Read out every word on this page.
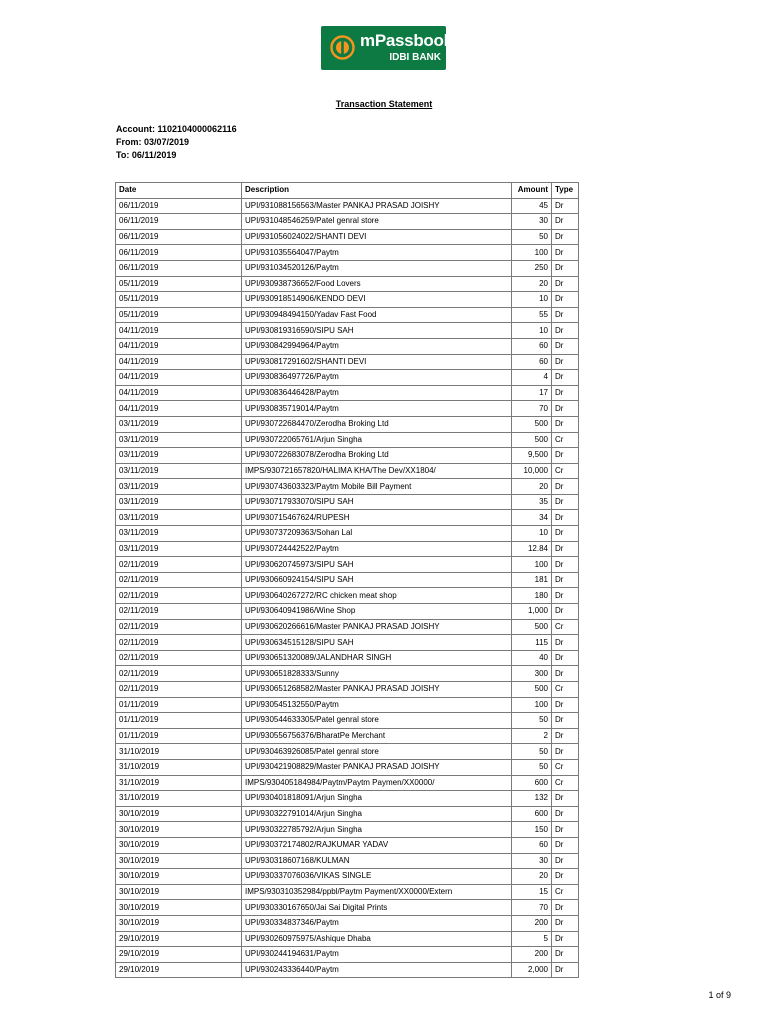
mPassbook
IDBI BANK
Transaction Statement
Account: 1102104000062116
From: 03/07/2019
To: 06/11/2019
Date	Description	Amount	Type
06/11/2019	UPI/931088156563/Master PANKAJ PRASAD JOISHY	45	Dr
06/11/2019	UPI/931048546259/Patel genral store	30	Dr
06/11/2019	UPI/931056024022/SHANTI DEVI	50	Dr
06/11/2019	UPI/931035564047/Paytm	100	Dr
06/11/2019	UPI/931034520126/Paytm	250	Dr
05/11/2019	UPI/930938736652/Food Lovers	20	Dr
05/11/2019	UPI/930918514906/KENDO DEVI	10	Dr
05/11/2019	UPI/930948494150/Yadav Fast Food	55	Dr
04/11/2019	UPI/930819316590/SIPU SAH	10	Dr
04/11/2019	UPI/930842994964/Paytm	60	Dr
04/11/2019	UPI/930817291602/SHANTI DEVI	60	Dr
04/11/2019	UPI/930836497726/Paytm	4	Dr
04/11/2019	UPI/930836446428/Paytm	17	Dr
04/11/2019	UPI/930835719014/Paytm	70	Dr
03/11/2019	UPI/930722684470/Zerodha Broking Ltd	500	Dr
03/11/2019	UPI/930722065761/Arjun Singha	500	Cr
03/11/2019	UPI/930722683078/Zerodha Broking Ltd	9,500	Dr
03/11/2019	IMPS/930721657820/HALIMA KHA/The Dev/XX1804/	10,000	Cr
03/11/2019	UPI/930743603323/Paytm Mobile Bill Payment	20	Dr
03/11/2019	UPI/930717933070/SIPU SAH	35	Dr
03/11/2019	UPI/930715467624/RUPESH	34	Dr
03/11/2019	UPI/930737209363/Sohan Lal	10	Dr
03/11/2019	UPI/930724442522/Paytm	12.84	Dr
02/11/2019	UPI/930620745973/SIPU SAH	100	Dr
02/11/2019	UPI/930660924154/SIPU SAH	181	Dr
02/11/2019	UPI/930640267272/RC chicken meat shop	180	Dr
02/11/2019	UPI/930640941986/Wine Shop	1,000	Dr
02/11/2019	UPI/930620266616/Master PANKAJ PRASAD JOISHY	500	Cr
02/11/2019	UPI/930634515128/SIPU SAH	115	Dr
02/11/2019	UPI/930651320089/JALANDHAR SINGH	40	Dr
02/11/2019	UPI/930651828333/Sunny	300	Dr
02/11/2019	UPI/930651268582/Master PANKAJ PRASAD JOISHY	500	Cr
01/11/2019	UPI/930545132550/Paytm	100	Dr
01/11/2019	UPI/930544633305/Patel genral store	50	Dr
01/11/2019	UPI/930556756376/BharatPe Merchant	2	Dr
31/10/2019	UPI/930463926085/Patel genral store	50	Dr
31/10/2019	UPI/930421908829/Master PANKAJ PRASAD JOISHY	50	Cr
31/10/2019	IMPS/930405184984/Paytm/Paytm Paymen/XX0000/	600	Cr
31/10/2019	UPI/930401818091/Arjun Singha	132	Dr
30/10/2019	UPI/930322791014/Arjun Singha	600	Dr
30/10/2019	UPI/930322785792/Arjun Singha	150	Dr
30/10/2019	UPI/930372174802/RAJKUMAR YADAV	60	Dr
30/10/2019	UPI/930318607168/KULMAN	30	Dr
30/10/2019	UPI/930337076036/VIKAS SINGLE	20	Dr
30/10/2019	IMPS/930310352984/ppbl/Paytm Payment/XX0000/Extern	15	Cr
30/10/2019	UPI/930330167650/Jai Sai Digital Prints	70	Dr
30/10/2019	UPI/930334837346/Paytm	200	Dr
29/10/2019	UPI/930260975975/Ashique Dhaba	5	Dr
29/10/2019	UPI/930244194631/Paytm	200	Dr
29/10/2019	UPI/930243336440/Paytm	2,000	Dr
1 of 9
